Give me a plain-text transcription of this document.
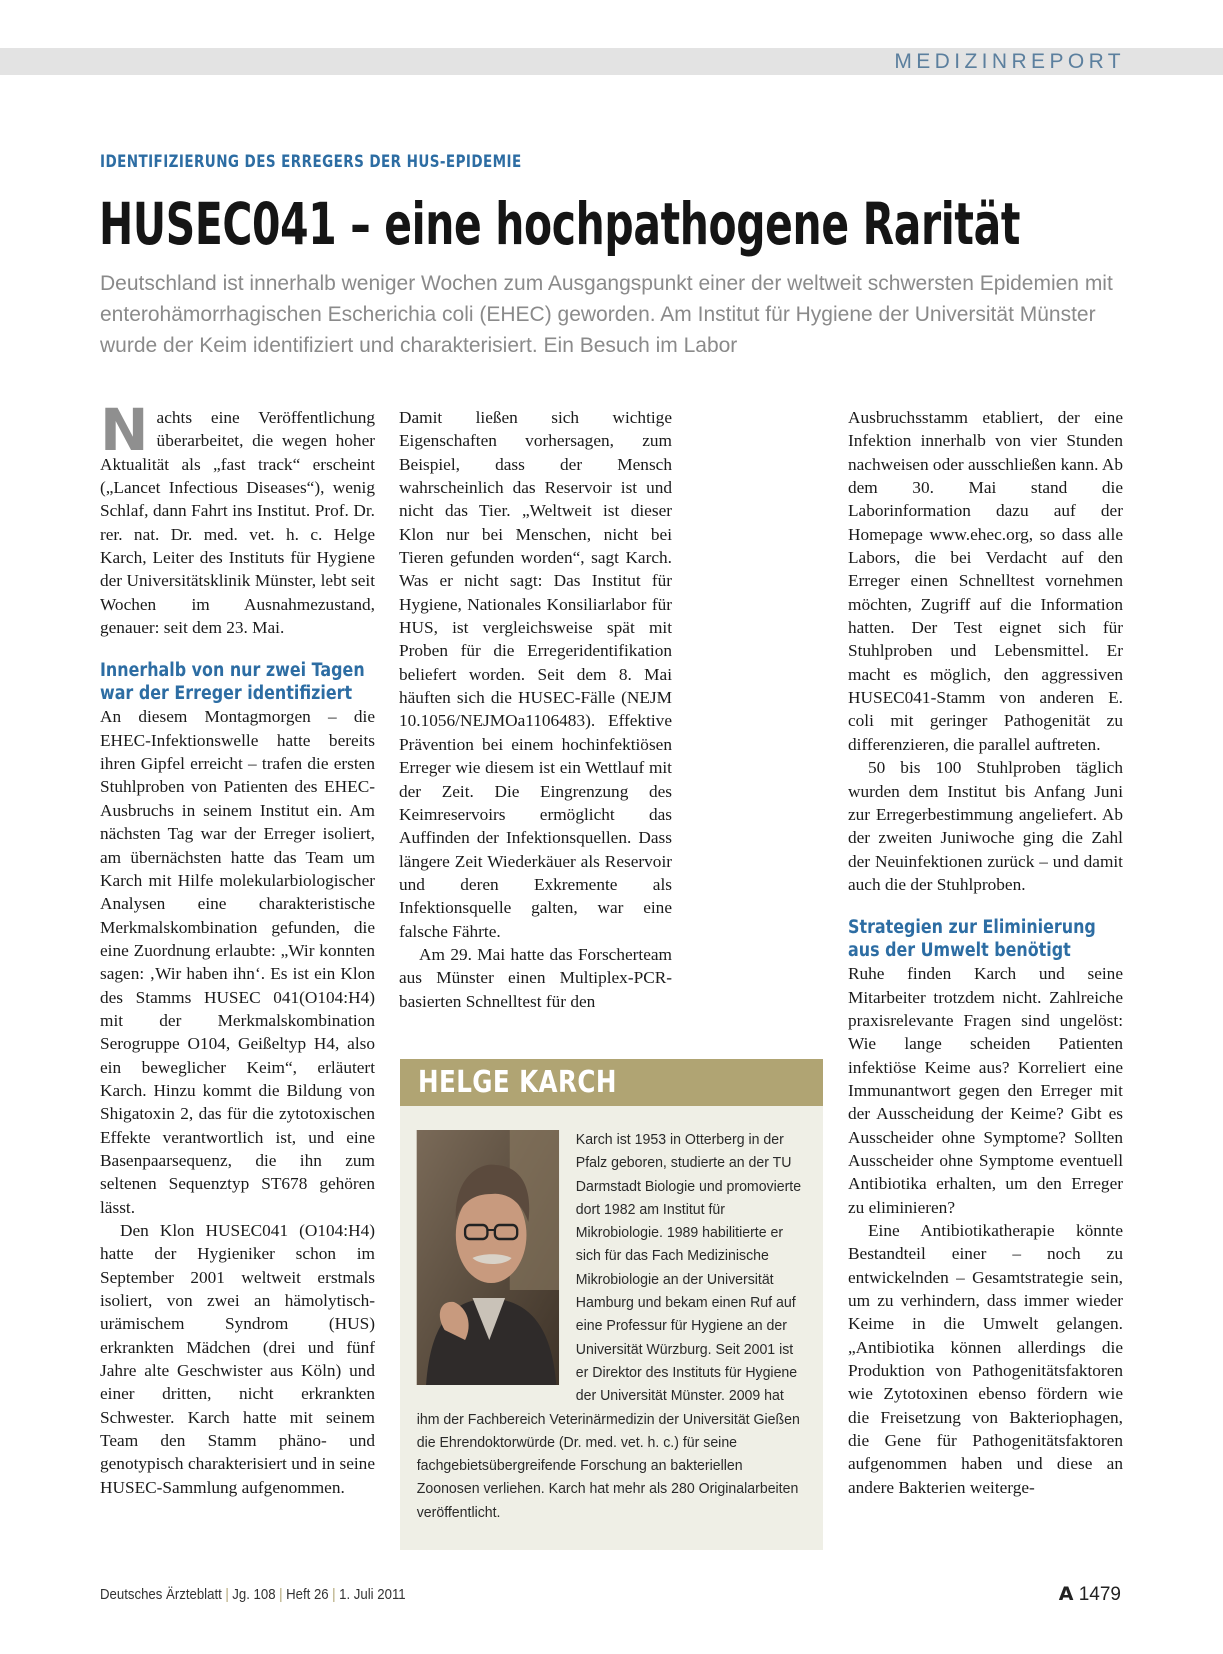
MEDIZINREPORT
IDENTIFIZIERUNG DES ERREGERS DER HUS-EPIDEMIE
HUSEC041 – eine hochpathogene Rarität

Deutschland ist innerhalb weniger Wochen zum Ausgangspunkt einer der weltweit schwersten Epidemien mit enterohämorrhagischen Escherichia coli (EHEC) geworden. Am Institut für Hygiene der Universität Münster wurde der Keim identifiziert und charakterisiert. Ein Besuch im Labor

Nachts eine Veröffentlichung überarbeitet, die wegen hoher Aktualität als „fast track“ erscheint („Lancet Infectious Diseases“), wenig Schlaf, dann Fahrt ins Institut. Prof. Dr. rer. nat. Dr. med. vet. h. c. Helge Karch, Leiter des Instituts für Hygiene der Universitätsklinik Münster, lebt seit Wochen im Ausnahmezustand, genauer: seit dem 23. Mai.

Innerhalb von nur zwei Tagen war der Erreger identifiziert

An diesem Montagmorgen – die EHEC-Infektionswelle hatte bereits ihren Gipfel erreicht – trafen die ersten Stuhlproben von Patienten des EHEC-Ausbruchs in seinem Institut ein. Am nächsten Tag war der Erreger isoliert, am übernächsten hatte das Team um Karch mit Hilfe molekularbiologischer Analysen eine charakteristische Merkmalskombination gefunden, die eine Zuordnung erlaubte: „Wir konnten sagen: ‚Wir haben ihn‘. Es ist ein Klon des Stamms HUSEC 041(O104:H4) mit der Merkmalskombination Serogruppe O104, Geißeltyp H4, also ein beweglicher Keim“, erläutert Karch. Hinzu kommt die Bildung von Shigatoxin 2, das für die zytotoxischen Effekte verantwortlich ist, und eine Basenpaarsequenz, die ihn zum seltenen Sequenztyp ST678 gehören lässt.

Den Klon HUSEC041 (O104:H4) hatte der Hygieniker schon im September 2001 weltweit erstmals isoliert, von zwei an hämolytisch-urämischem Syndrom (HUS) erkrankten Mädchen (drei und fünf Jahre alte Geschwister aus Köln) und einer dritten, nicht erkrankten Schwester. Karch hatte mit seinem Team den Stamm phäno- und genotypisch charakterisiert und in seine HUSEC-Sammlung aufgenommen.

Damit ließen sich wichtige Eigenschaften vorhersagen, zum Beispiel, dass der Mensch wahrscheinlich das Reservoir ist und nicht das Tier. „Weltweit ist dieser Klon nur bei Menschen, nicht bei Tieren gefunden worden“, sagt Karch. Was er nicht sagt: Das Institut für Hygiene, Nationales Konsiliarlabor für HUS, ist vergleichsweise spät mit Proben für die Erregeridentifikation beliefert worden. Seit dem 8. Mai häuften sich die HUSEC-Fälle (NEJM 10.1056/NEJMOa1106483). Effektive Prävention bei einem hochinfektiösen Erreger wie diesem ist ein Wettlauf mit der Zeit. Die Eingrenzung des Keimreservoirs ermöglicht das Auffinden der Infektionsquellen. Dass längere Zeit Wiederkäuer als Reservoir und deren Exkremente als Infektionsquelle galten, war eine falsche Fährte.

Am 29. Mai hatte das Forscherteam aus Münster einen Multiplex-PCR-basierten Schnelltest für den

Ausbruchsstamm etabliert, der eine Infektion innerhalb von vier Stunden nachweisen oder ausschließen kann. Ab dem 30. Mai stand die Laborinformation dazu auf der Homepage www.ehec.org, so dass alle Labors, die bei Verdacht auf den Erreger einen Schnelltest vornehmen möchten, Zugriff auf die Information hatten. Der Test eignet sich für Stuhlproben und Lebensmittel. Er macht es möglich, den aggressiven HUSEC041-Stamm von anderen E. coli mit geringer Pathogenität zu differenzieren, die parallel auftreten.

50 bis 100 Stuhlproben täglich wurden dem Institut bis Anfang Juni zur Erregerbestimmung angeliefert. Ab der zweiten Juniwoche ging die Zahl der Neuinfektionen zurück – und damit auch die der Stuhlproben.

Strategien zur Eliminierung aus der Umwelt benötigt

Ruhe finden Karch und seine Mitarbeiter trotzdem nicht. Zahlreiche praxisrelevante Fragen sind ungelöst: Wie lange scheiden Patienten infektiöse Keime aus? Korreliert eine Immunantwort gegen den Erreger mit der Ausscheidung der Keime? Gibt es Ausscheider ohne Symptome? Sollten Ausscheider ohne Symptome eventuell Antibiotika erhalten, um den Erreger zu eliminieren?

Eine Antibiotikatherapie könnte Bestandteil einer – noch zu entwickelnden – Gesamtstrategie sein, um zu verhindern, dass immer wieder Keime in die Umwelt gelangen. „Antibiotika können allerdings die Produktion von Pathogenitätsfaktoren wie Zytotoxinen ebenso fördern wie die Freisetzung von Bakteriophagen, die Gene für Pathogenitätsfaktoren aufgenommen haben und diese an andere Bakterien weiterge-

HELGE KARCH
Karch ist 1953 in Otterberg in der Pfalz geboren, studierte an der TU Darmstadt Biologie und promovierte dort 1982 am Institut für Mikrobiologie. 1989 habilitierte er sich für das Fach Medizinische Mikrobiologie an der Universität Hamburg und bekam einen Ruf auf eine Professur für Hygiene an der Universität Würzburg. Seit 2001 ist er Direktor des Instituts für Hygiene der Universität Münster. 2009 hat ihm der Fachbereich Veterinärmedizin der Universität Gießen die Ehrendoktorwürde (Dr. med. vet. h. c.) für seine fachgebietsübergreifende Forschung an bakteriellen Zoonosen verliehen. Karch hat mehr als 280 Originalarbeiten veröffentlicht.
Deutsches Ärzteblatt | Jg. 108 | Heft 26 | 1. Juli 2011	A 1479
